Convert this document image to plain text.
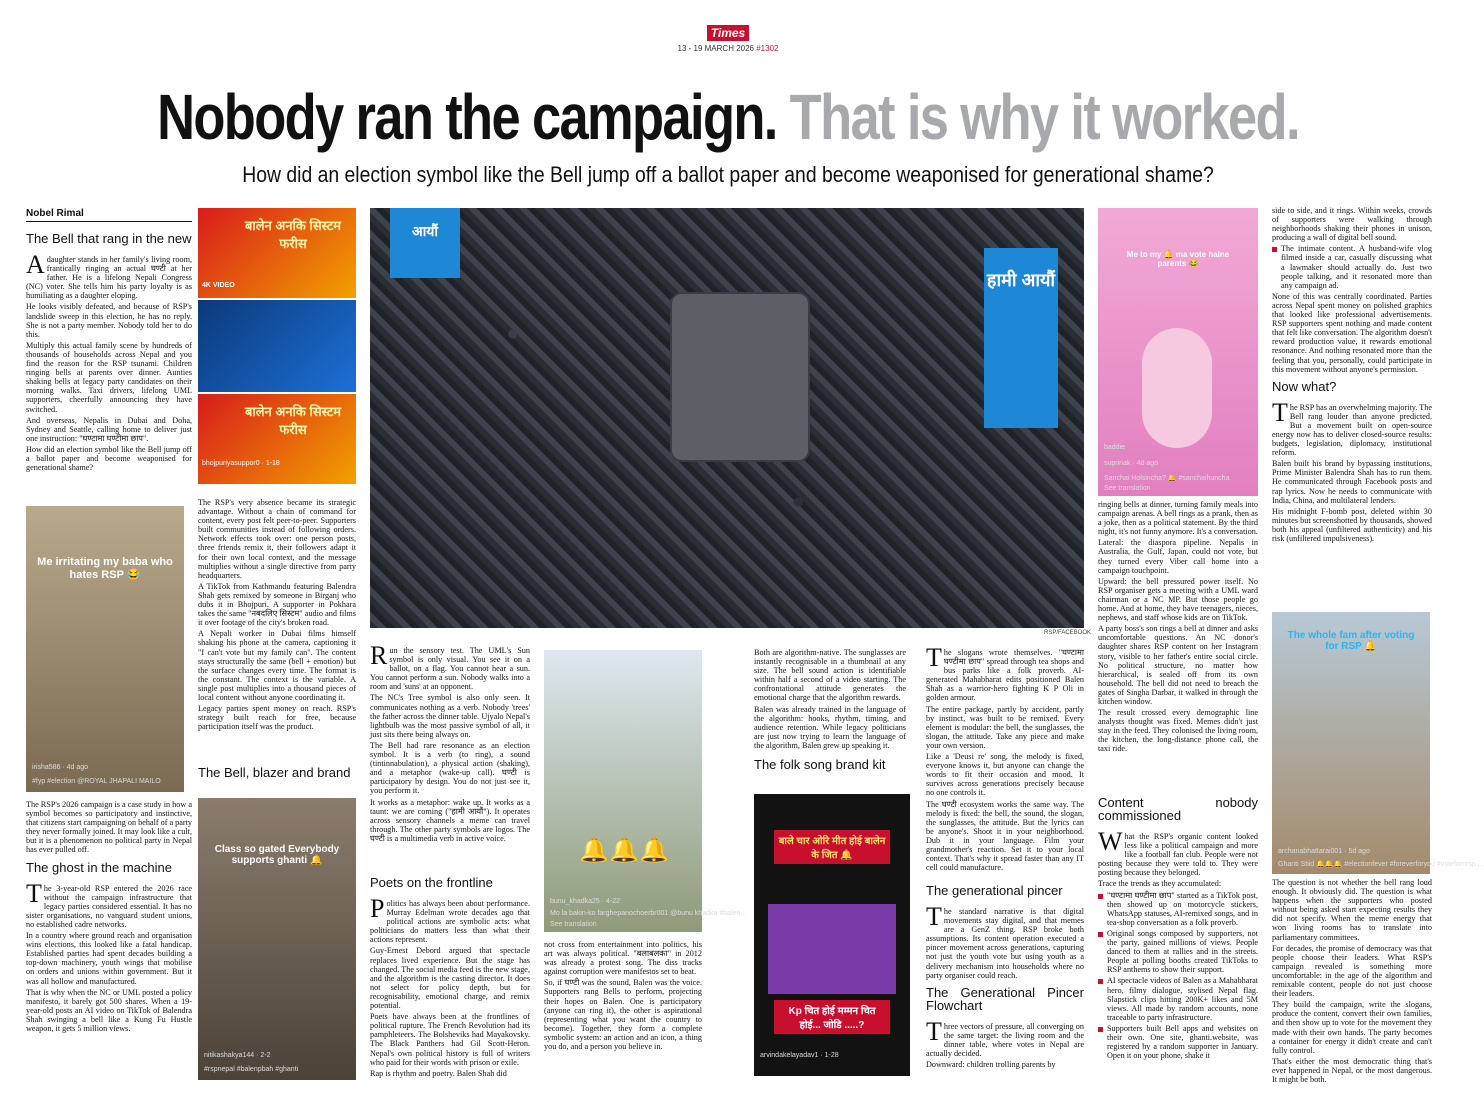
Times
13 - 19 MARCH 2026 #1302
Nobody ran the campaign. That is why it worked.
How did an election symbol like the Bell jump off a ballot paper and become weaponised for generational shame?
Nobel Rimal
The Bell that rang in the new

Adaughter stands in her family's living room, frantically ringing an actual घण्टी at her father. He is a lifelong Nepali Congress (NC) voter. She tells him his party loyalty is as humiliating as a daughter eloping.

He looks visibly defeated, and because of RSP's landslide sweep in this election, he has no reply. She is not a party member. Nobody told her to do this.

Multiply this actual family scene by hundreds of thousands of households across Nepal and you find the reason for the RSP tsunami. Children ringing bells at parents over dinner. Aunties shaking bells at legacy party candidates on their morning walks. Taxi drivers, lifelong UML supporters, cheerfully announcing they have switched.

And overseas, Nepalis in Dubai and Doha, Sydney and Seattle, calling home to deliver just one instruction: "घण्टामा घण्टीमा छाप".

How did an election symbol like the Bell jump off a ballot paper and become weaponised for generational shame?

Me irritating my baba who hates RSP 😂
irisha586 · 4d ago
#fyp #election @ROYAL JHAPALI MAILO

The RSP's 2026 campaign is a case study in how a symbol becomes so participatory and instinctive, that citizens start campaigning on behalf of a party they never formally joined. It may look like a cult, but it is a phenomenon no political party in Nepal has ever pulled off.

The ghost in the machine

The 3-year-old RSP entered the 2026 race without the campaign infrastructure that legacy parties considered essential. It has no sister organisations, no vanguard student unions, no established cadre networks.

In a country where ground reach and organisation wins elections, this looked like a fatal handicap. Established parties had spent decades building a top-down machinery, youth wings that mobilise on orders and unions within government. But it was all hollow and manufactured.

That is why when the NC or UML posted a policy manifesto, it barely got 500 shares. When a 19-year-old posts an AI video on TikTok of Balendra Shah swinging a bell like a Kung Fu Hustle weapon, it gets 5 million views.

बालेन अनकि सिस्टम फरीस
4K VIDEO
बालेन अनकि सिस्टम फरीस
bhojpuriyasuppor0 · 1-18

The RSP's very absence became its strategic advantage. Without a chain of command for content, every post felt peer-to-peer. Supporters built communities instead of following orders. Network effects took over: one person posts, three friends remix it, their followers adapt it for their own local context, and the message multiplies without a single directive from party headquarters.

A TikTok from Kathmandu featuring Balendra Shah gets remixed by someone in Birganj who dubs it in Bhojpuri. A supporter in Pokhara takes the same "नबदलिए सिस्टम" audio and films it over footage of the city's broken road.

A Nepali worker in Dubai films himself shaking his phone at the camera, captioning it "I can't vote but my family can". The content stays structurally the same (bell + emotion) but the surface changes every time. The format is the constant. The context is the variable. A single post multiplies into a thousand pieces of local content without anyone coordinating it.

Legacy parties spent money on reach. RSP's strategy built reach for free, because participation itself was the product.

The Bell, blazer and brand
Class so gated Everybody supports ghanti 🔔
nitikashakya144 · 2-2
#rspnepal #balenpbah #ghanti
आयौं
हामी आयौं
RSP/FACEBOOK

Run the sensory test. The UML's Sun symbol is only visual. You see it on a ballot, on a flag. You cannot hear a sun. You cannot perform a sun. Nobody walks into a room and 'suns' at an opponent.

The NC's Tree symbol is also only seen. It communicates nothing as a verb. Nobody 'trees' the father across the dinner table. Ujyalo Nepal's lightbulb was the most passive symbol of all, it just sits there being always on.

The Bell had rare resonance as an election symbol. It is a verb (to ring), a sound (tintinnabulation), a physical action (shaking), and a metaphor (wake-up call). घण्टी is participatory by design. You do not just see it, you perform it.

It works as a metaphor: wake up. It works as a taunt: we are coming ("हामी आयौं"). It operates across sensory channels a meme can travel through. The other party symbols are logos. The घण्टी is a multimedia verb in active voice.

Poets on the frontline

Politics has always been about performance. Murray Edelman wrote decades ago that political actions are symbolic acts: what politicians do matters less than what their actions represent.

Guy-Ernest Debord argued that spectacle replaces lived experience. But the stage has changed. The social media feed is the new stage, and the algorithm is the casting director. It does not select for policy depth, but for recognisability, emotional charge, and remix potential.

Poets have always been at the frontlines of political rupture. The French Revolution had its pamphleteers. The Bolsheviks had Mayakovsky. The Black Panthers had Gil Scott-Heron. Nepal's own political history is full of writers who paid for their words with prison or exile.

Rap is rhythm and poetry. Balen Shah did

🔔🔔🔔
bunu_khadka25 · 4-22
Mo la bakin-ko farghepanochoerbr001 @bunu khadka #balen...
See translation

not cross from entertainment into politics, his art was always political. "बलाबलका" in 2012 was already a protest song. The diss tracks against corruption were manifestos set to beat.

So, if घण्टी was the sound, Balen was the voice. Supporters rang Bells to perform, projecting their hopes on Balen. One is participatory (anyone can ring it), the other is aspirational (representing what you want the country to become). Together, they form a complete symbolic system: an action and an icon, a thing you do, and a person you believe in.

Both are algorithm-native. The sunglasses are instantly recognisable in a thumbnail at any size. The bell sound action is identifiable within half a second of a video starting. The confrontational attitude generates the emotional charge that the algorithm rewards.

Balen was already trained in the language of the algorithm: hooks, rhythm, timing, and audience retention. While legacy politicians are just now trying to learn the language of the algorithm, Balen grew up speaking it.

The folk song brand kit
बाले चार ओरि मीत होई बालेन के जित 🔔
Kp चित होई मम्मन चित होई... जोडि .....?
arvindakelayadav1 · 1-28

The slogans wrote themselves. "घण्टामा घण्टीमा छाप" spread through tea shops and bus parks like a folk proverb. AI-generated Mahabharat edits positioned Balen Shah as a warrior-hero fighting K P Oli in golden armour.

The entire package, partly by accident, partly by instinct, was built to be remixed. Every element is modular: the bell, the sunglasses, the slogan, the attitude. Take any piece and make your own version.

Like a 'Deusi re' song, the melody is fixed, everyone knows it, but anyone can change the words to fit their occasion and mood. It survives across generations precisely because no one controls it.

The घण्टी ecosystem works the same way. The melody is fixed: the bell, the sound, the slogan, the sunglasses, the attitude. But the lyrics can be anyone's. Shoot it in your neighborhood. Dub it in your language. Film your grandmother's reaction. Set it to your local context. That's why it spread faster than any IT cell could manufacture.

The generational pincer

The standard narrative is that digital movements stay digital, and that memes are a GenZ thing. RSP broke both assumptions. Its content operation executed a pincer movement across generations, capturing not just the youth vote but using youth as a delivery mechanism into households where no party organiser could reach.

The Generational Pincer Flowchart

Three vectors of pressure, all converging on the same target: the living room and the dinner table, where votes in Nepal are actually decided.

Downward: children trolling parents by

Me to my 🔔 ma vote halne parents 😂
baddie
suprinak · 4d ago
Sanchai Holsincha? 🔔 #sanchaihuncha
See translation

ringing bells at dinner, turning family meals into campaign arenas. A bell rings as a prank, then as a joke, then as a political statement. By the third night, it's not funny anymore. It's a conversation.

Lateral: the diaspora pipeline. Nepalis in Australia, the Gulf, Japan, could not vote, but they turned every Viber call home into a campaign touchpoint.

Upward: the bell pressured power itself. No RSP organiser gets a meeting with a UML ward chairman or a NC MP. But those people go home. And at home, they have teenagers, nieces, nephews, and staff whose kids are on TikTok.

A party boss's son rings a bell at dinner and asks uncomfortable questions. An NC donor's daughter shares RSP content on her Instagram story, visible to her father's entire social circle. No political structure, no matter how hierarchical, is sealed off from its own household. The bell did not need to breach the gates of Singha Darbar, it walked in through the kitchen window.

The result crossed every demographic line analysts thought was fixed. Memes didn't just stay in the feed. They colonised the living room, the kitchen, the long-distance phone call, the taxi ride.

Content nobody commissioned

What the RSP's organic content looked less like a political campaign and more like a football fan club. People were not posting because they were told to. They were posting because they belonged.

Trace the trends as they accumulated:

"घण्टामा घण्टीमा छाप" started as a TikTok post, then showed up on motorcycle stickers, WhatsApp statuses, AI-remixed songs, and in tea-shop conversation as a folk proverb.
Original songs composed by supporters, not the party, gained millions of views. People danced to them at rallies and in the streets. People at polling booths created TikToks to RSP anthems to show their support.
AI spectacle videos of Balen as a Mahabharat hero, filmy dialogue, stylised Nepal flag. Slapstick clips hitting 200K+ likes and 5M views. All made by random accounts, none traceable to party infrastructure.
Supporters built Bell apps and websites on their own. One site, ghanti.website, was registered by a random supporter in January. Open it on your phone, shake it

side to side, and it rings. Within weeks, crowds of supporters were walking through neighborhoods shaking their phones in unison, producing a wall of digital bell sound.

The intimate content. A husband-wife vlog filmed inside a car, casually discussing what a lawmaker should actually do. Just two people talking, and it resonated more than any campaign ad.

None of this was centrally coordinated. Parties across Nepal spent money on polished graphics that looked like professional advertisements. RSP supporters spent nothing and made content that felt like conversation. The algorithm doesn't reward production value, it rewards emotional resonance. And nothing resonated more than the feeling that you, personally, could participate in this movement without anyone's permission.

Now what?

The RSP has an overwhelming majority. The Bell rang louder than anyone predicted. But a movement built on open-source energy now has to deliver closed-source results: budgets, legislation, diplomacy, institutional reform.

Balen built his brand by bypassing institutions, Prime Minister Balendra Shah has to run them. He communicated through Facebook posts and rap lyrics. Now he needs to communicate with India, China, and multilateral lenders.

His midnight F-bomb post, deleted within 30 minutes but screenshotted by thousands, showed both his appeal (unfiltered authenticity) and his risk (unfiltered impulsiveness).

The whole fam after voting for RSP 🔔
archanabhattarai001 · 5d ago
Ghanti Stiid 🔔🔔🔔 #electionfever #foreverforyou #votefornrsp ...

The question is not whether the bell rang loud enough. It obviously did. The question is what happens when the supporters who posted without being asked start expecting results they did not specify. When the meme energy that won living rooms has to translate into parliamentary committees.

For decades, the promise of democracy was that people choose their leaders. What RSP's campaign revealed is something more uncomfortable: in the age of the algorithm and remixable content, people do not just choose their leaders.

They build the campaign, write the slogans, produce the content, convert their own families, and then show up to vote for the movement they made with their own hands. The party becomes a container for energy it didn't create and can't fully control.

That's either the most democratic thing that's ever happened in Nepal, or the most dangerous. It might be both.
